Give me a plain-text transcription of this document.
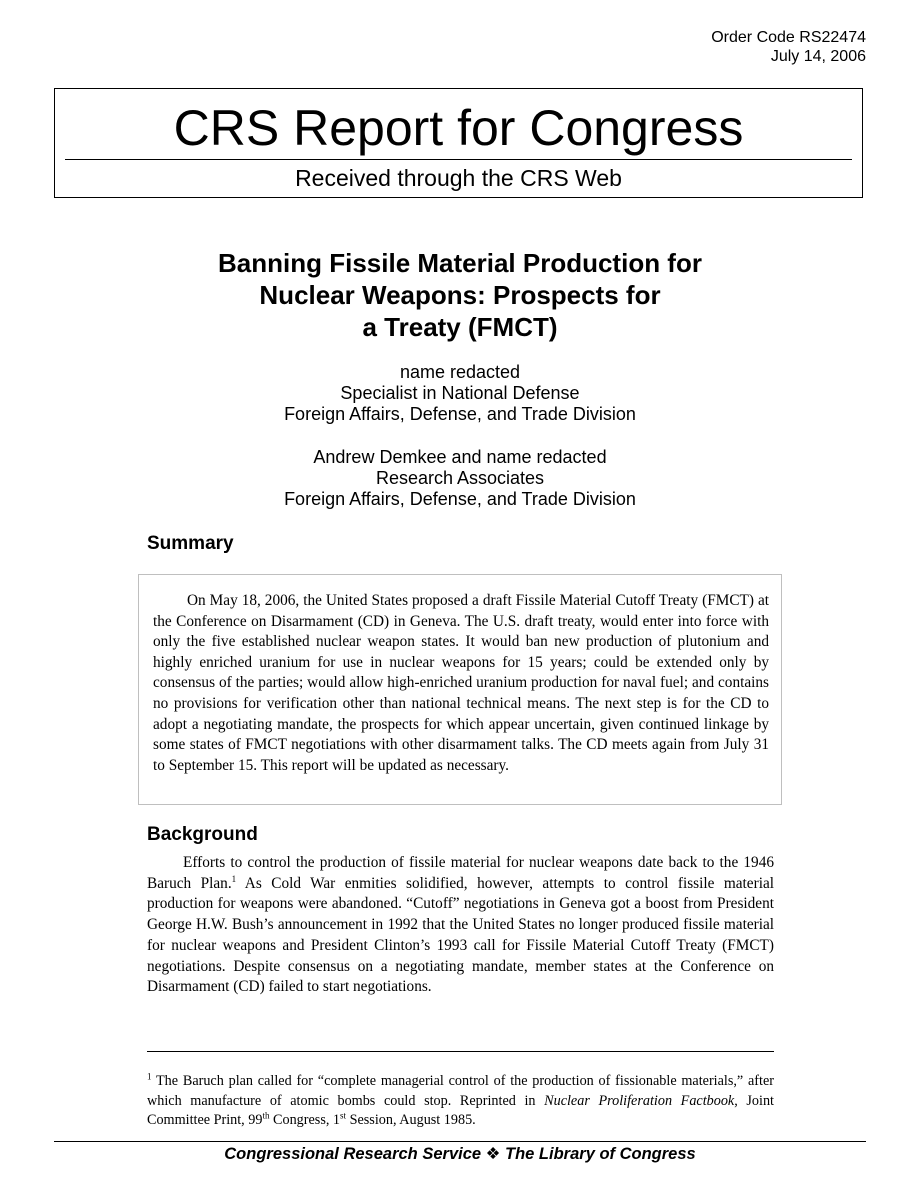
Order Code RS22474
July 14, 2006
CRS Report for Congress
Received through the CRS Web
Banning Fissile Material Production for
Nuclear Weapons: Prospects for
a Treaty (FMCT)
name redacted
Specialist in National Defense
Foreign Affairs, Defense, and Trade Division
Andrew Demkee and name redacted
Research Associates
Foreign Affairs, Defense, and Trade Division
Summary

On May 18, 2006, the United States proposed a draft Fissile Material Cutoff Treaty (FMCT) at the Conference on Disarmament (CD) in Geneva. The U.S. draft treaty, would enter into force with only the five established nuclear weapon states. It would ban new production of plutonium and highly enriched uranium for use in nuclear weapons for 15 years; could be extended only by consensus of the parties; would allow high-enriched uranium production for naval fuel; and contains no provisions for verification other than national technical means. The next step is for the CD to adopt a negotiating mandate, the prospects for which appear uncertain, given continued linkage by some states of FMCT negotiations with other disarmament talks. The CD meets again from July 31 to September 15. This report will be updated as necessary.

Background

Efforts to control the production of fissile material for nuclear weapons date back to the 1946 Baruch Plan.$^1$ As Cold War enmities solidified, however, attempts to control fissile material production for weapons were abandoned. “Cutoff” negotiations in Geneva got a boost from President George H.W. Bush’s announcement in 1992 that the United States no longer produced fissile material for nuclear weapons and President Clinton’s 1993 call for Fissile Material Cutoff Treaty (FMCT) negotiations. Despite consensus on a negotiating mandate, member states at the Conference on Disarmament (CD) failed to start negotiations.

$^1$ The Baruch plan called for “complete managerial control of the production of fissionable materials,” after which manufacture of atomic bombs could stop. Reprinted in Nuclear Proliferation Factbook, Joint Committee Print, 99th Congress, 1st Session, August 1985.

Congressional Research Service ❖ The Library of Congress
